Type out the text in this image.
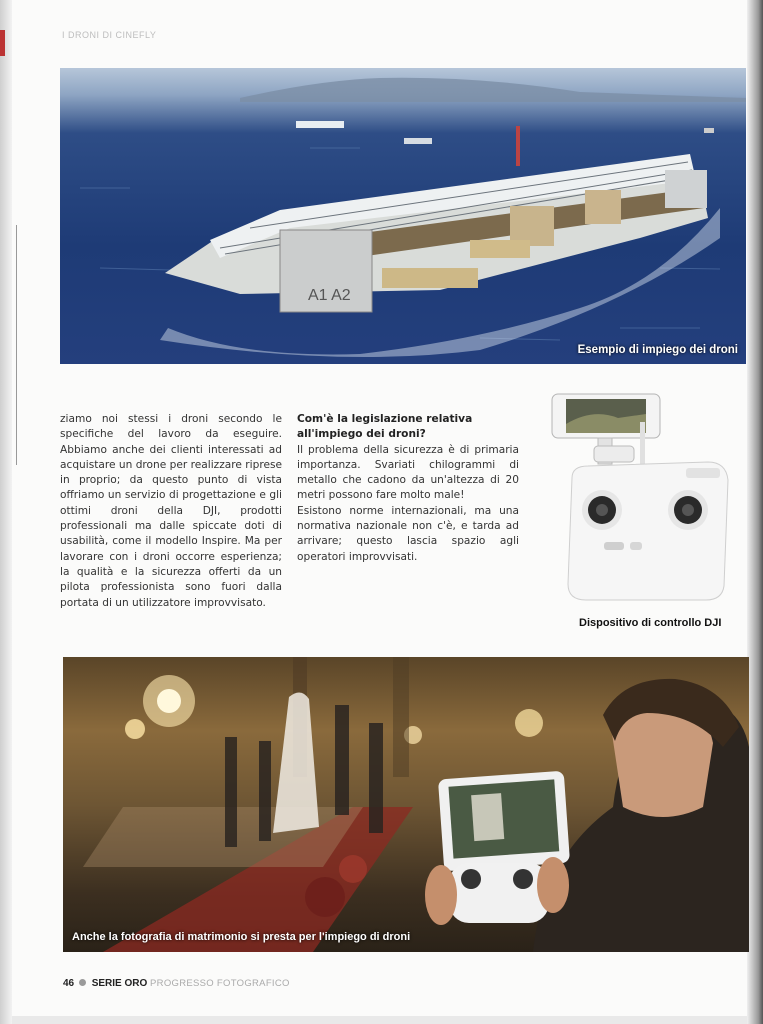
I DRONI DI CINEFLY
A1 A2
Esempio di impiego dei droni

ziamo noi stessi i droni secondo le specifiche del lavoro da eseguire. Abbiamo anche dei clienti interessati ad acquistare un drone per realizzare riprese in proprio; da questo punto di vista offriamo un servizio di progettazione e gli ottimi droni della DJI, prodotti professionali ma dalle spiccate doti di usabilità, come il modello Inspire. Ma per lavorare con i droni occorre esperienza; la qualità e la sicurezza offerti da un pilota professionista sono fuori dalla portata di un utilizzatore improvvisato.

Com'è la legislazione relativa all'impiego dei droni?

Il problema della sicurezza è di primaria importanza. Svariati chilogrammi di metallo che cadono da un'altezza di 20 metri possono fare molto male!

Esistono norme internazionali, ma una normativa nazionale non c'è, e tarda ad arrivare; questo lascia spazio agli operatori improvvisati.

Dispositivo di controllo DJI
Anche la fotografia di matrimonio si presta per l'impiego di droni
46 SERIE ORO PROGRESSO FOTOGRAFICO
